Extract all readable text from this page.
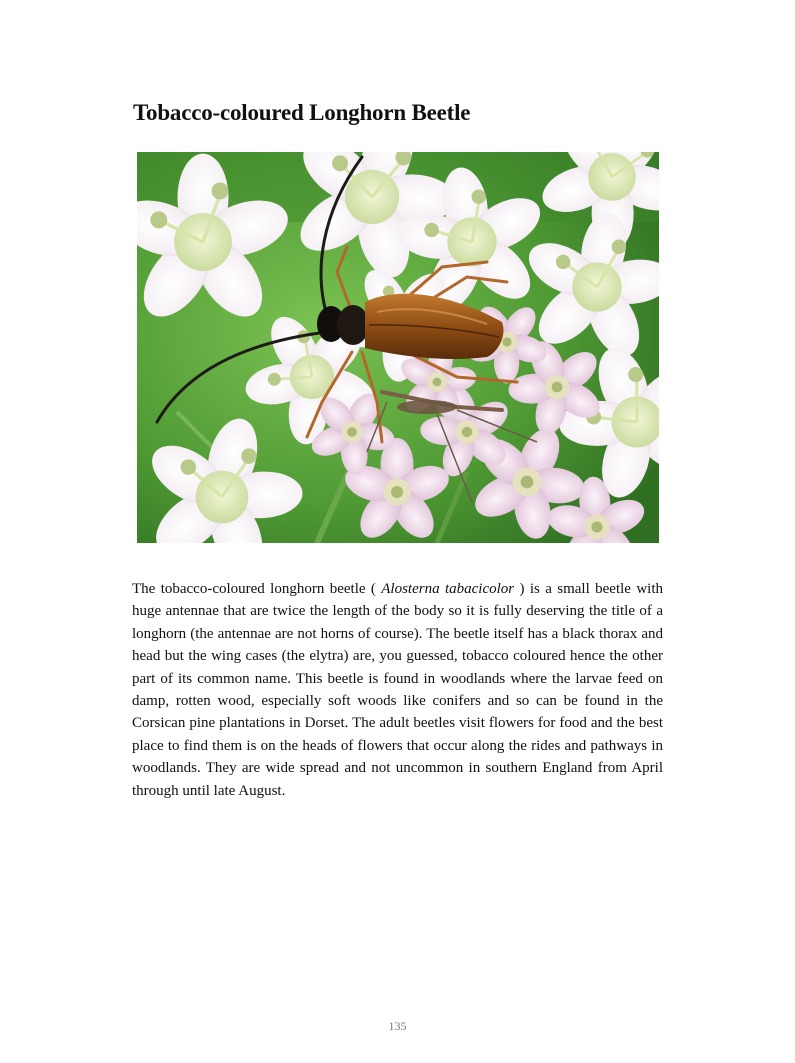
Tobacco-coloured Longhorn Beetle

The tobacco-coloured longhorn beetle ( Alosterna tabacicolor ) is a small beetle with huge antennae that are twice the length of the body so it is fully deserving the title of a longhorn (the antennae are not horns of course). The beetle itself has a black thorax and head but the wing cases (the elytra) are, you guessed, tobacco coloured hence the other part of its common name. This beetle is found in woodlands where the larvae feed on damp, rotten wood, especially soft woods like conifers and so can be found in the Corsican pine plantations in Dorset. The adult beetles visit flowers for food and the best place to find them is on the heads of flowers that occur along the rides and pathways in woodlands. They are wide spread and not uncommon in southern England from April through until late August.

135
